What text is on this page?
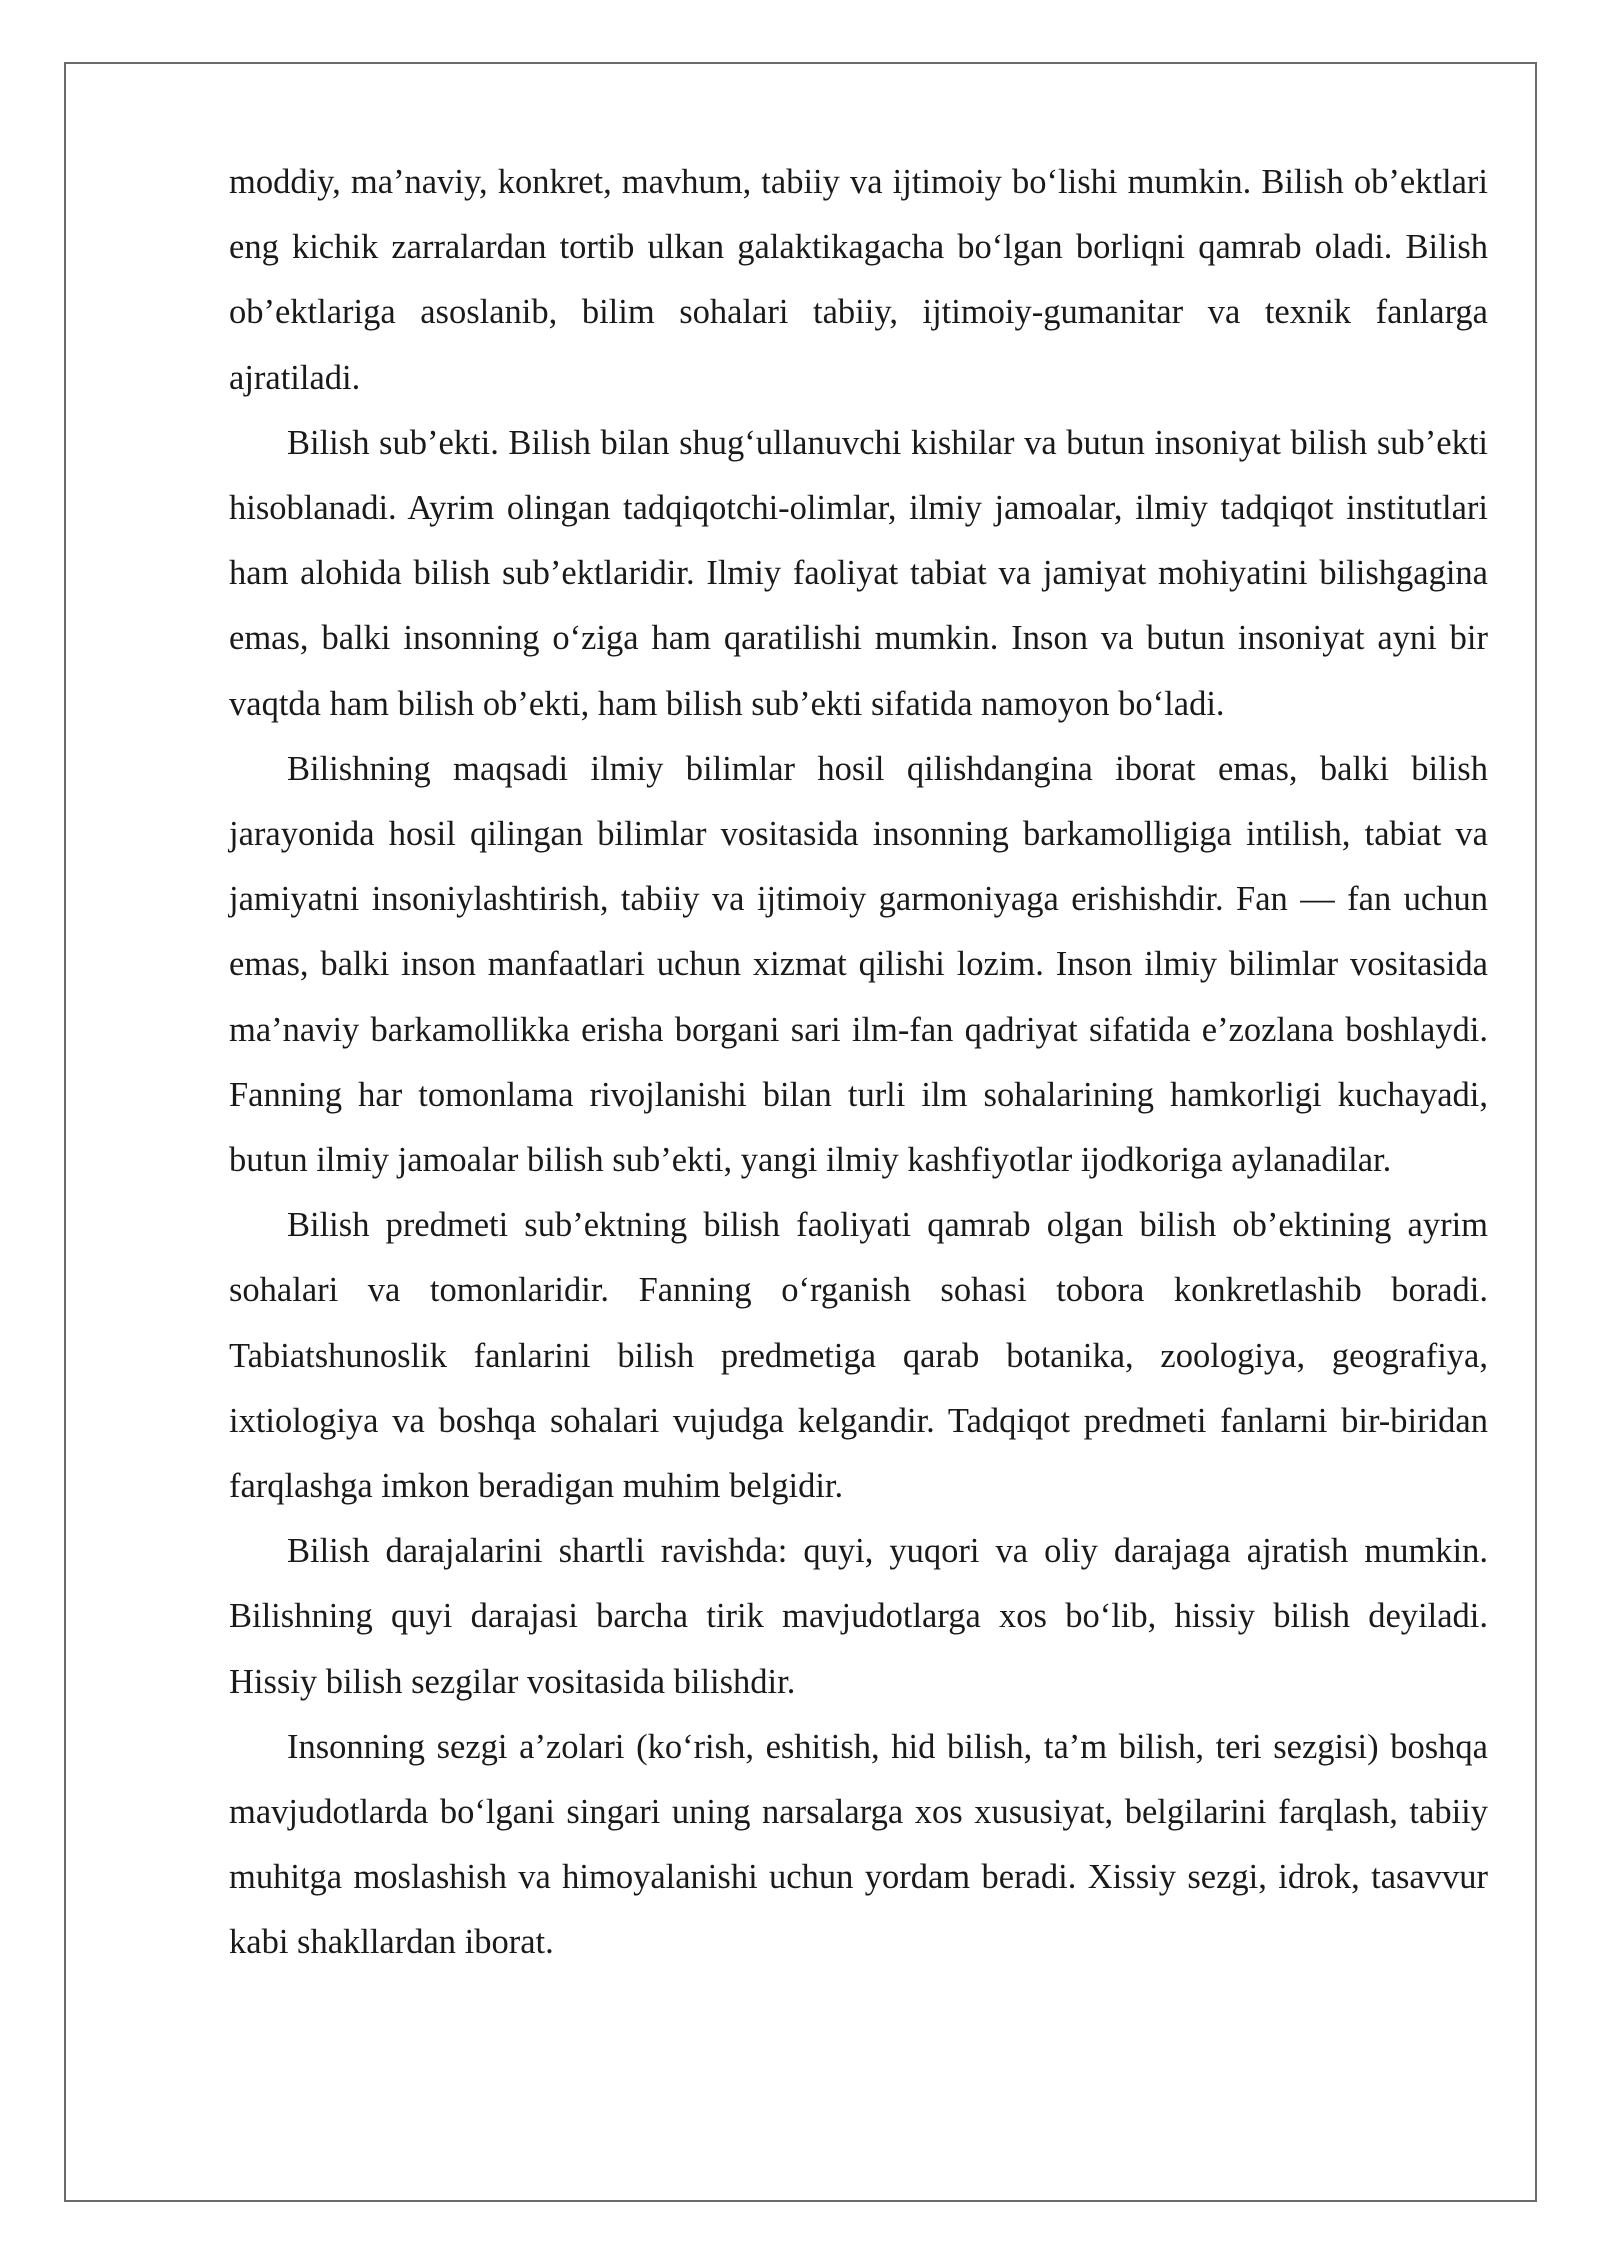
moddiy, ma’naviy, konkret, mavhum, tabiiy va ijtimoiy bo‘lishi mumkin. Bilish ob’ektlari eng kichik zarralardan tortib ulkan galaktikagacha bo‘lgan borliqni qamrab oladi. Bilish ob’ektlariga asoslanib, bilim sohalari tabiiy, ijtimoiy-gumanitar va texnik fanlarga ajratiladi.

Bilish sub’ekti. Bilish bilan shug‘ullanuvchi kishilar va butun insoniyat bilish sub’ekti hisoblanadi. Ayrim olingan tadqiqotchi-olimlar, ilmiy jamoalar, ilmiy tadqiqot institutlari ham alohida bilish sub’ektlaridir. Ilmiy faoliyat tabiat va jamiyat mohiyatini bilishgagina emas, balki insonning o‘ziga ham qaratilishi mumkin. Inson va butun insoniyat ayni bir vaqtda ham bilish ob’ekti, ham bilish sub’ekti sifatida namoyon bo‘ladi.

Bilishning maqsadi ilmiy bilimlar hosil qilishdangina iborat emas, balki bilish jarayonida hosil qilingan bilimlar vositasida insonning barkamolligiga intilish, tabiat va jamiyatni insoniylashtirish, tabiiy va ijtimoiy garmoniyaga erishishdir. Fan — fan uchun emas, balki inson manfaatlari uchun xizmat qilishi lozim. Inson ilmiy bilimlar vositasida ma’naviy barkamollikka erisha borgani sari ilm-fan qadriyat sifatida e’zozlana boshlaydi. Fanning har tomonlama rivojlanishi bilan turli ilm sohalarining hamkorligi kuchayadi, butun ilmiy jamoalar bilish sub’ekti, yangi ilmiy kashfiyotlar ijodkoriga aylanadilar.

Bilish predmeti sub’ektning bilish faoliyati qamrab olgan bilish ob’ektining ayrim sohalari va tomonlaridir. Fanning o‘rganish sohasi tobora konkretlashib boradi. Tabiatshunoslik fanlarini bilish predmetiga qarab botanika, zoologiya, geografiya, ixtiologiya va boshqa sohalari vujudga kelgandir. Tadqiqot predmeti fanlarni bir-biridan farqlashga imkon beradigan muhim belgidir.

Bilish darajalarini shartli ravishda: quyi, yuqori va oliy darajaga ajratish mumkin. Bilishning quyi darajasi barcha tirik mavjudotlarga xos bo‘lib, hissiy bilish deyiladi. Hissiy bilish sezgilar vositasida bilishdir.

Insonning sezgi a’zolari (ko‘rish, eshitish, hid bilish, ta’m bilish, teri sezgisi) boshqa mavjudotlarda bo‘lgani singari uning narsalarga xos xususiyat, belgilarini farqlash, tabiiy muhitga moslashish va himoyalanishi uchun yordam beradi. Xissiy sezgi, idrok, tasavvur kabi shakllardan iborat.
